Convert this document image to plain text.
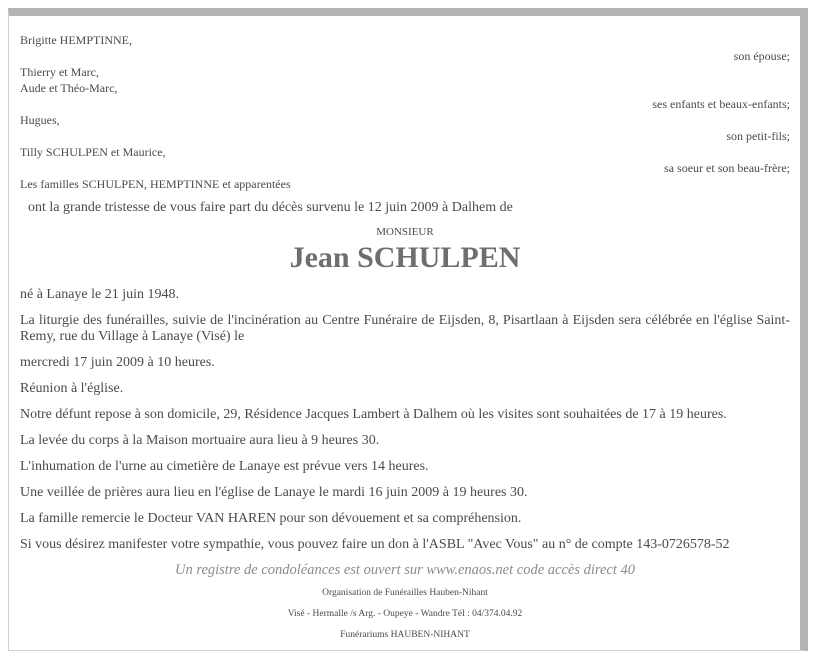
Brigitte HEMPTINNE,
son épouse;
Thierry et Marc,
Aude et Théo-Marc,
ses enfants et beaux-enfants;
Hugues,
son petit-fils;
Tilly SCHULPEN et Maurice,
sa soeur et son beau-frère;
Les familles SCHULPEN, HEMPTINNE et apparentées
ont la grande tristesse de vous faire part du décès survenu le 12 juin 2009 à Dalhem de
MONSIEUR
Jean SCHULPEN
né à Lanaye le 21 juin 1948.
La liturgie des funérailles, suivie de l'incinération au Centre Funéraire de Eijsden, 8, Pisartlaan à Eijsden sera célébrée en l'église Saint-Remy, rue du Village à Lanaye (Visé) le
mercredi 17 juin 2009 à 10 heures.
Réunion à l'église.
Notre défunt repose à son domicile, 29, Résidence Jacques Lambert à Dalhem où les visites sont souhaitées de 17 à 19 heures.
La levée du corps à la Maison mortuaire aura lieu à 9 heures 30.
L'inhumation de l'urne au cimetière de Lanaye est prévue vers 14 heures.
Une veillée de prières aura lieu en l'église de Lanaye le mardi 16 juin 2009 à 19 heures 30.
La famille remercie le Docteur VAN HAREN pour son dévouement et sa compréhension.
Si vous désirez manifester votre sympathie, vous pouvez faire un don à l'ASBL "Avec Vous" au n° de compte 143-0726578-52
Un registre de condoléances est ouvert sur www.enaos.net code accès direct 40
Organisation de Funérailles Hauben-Nihant
Visé - Hermalle /s Arg. - Oupeye - Wandre Tél : 04/374.04.92
Funérariums HAUBEN-NIHANT
